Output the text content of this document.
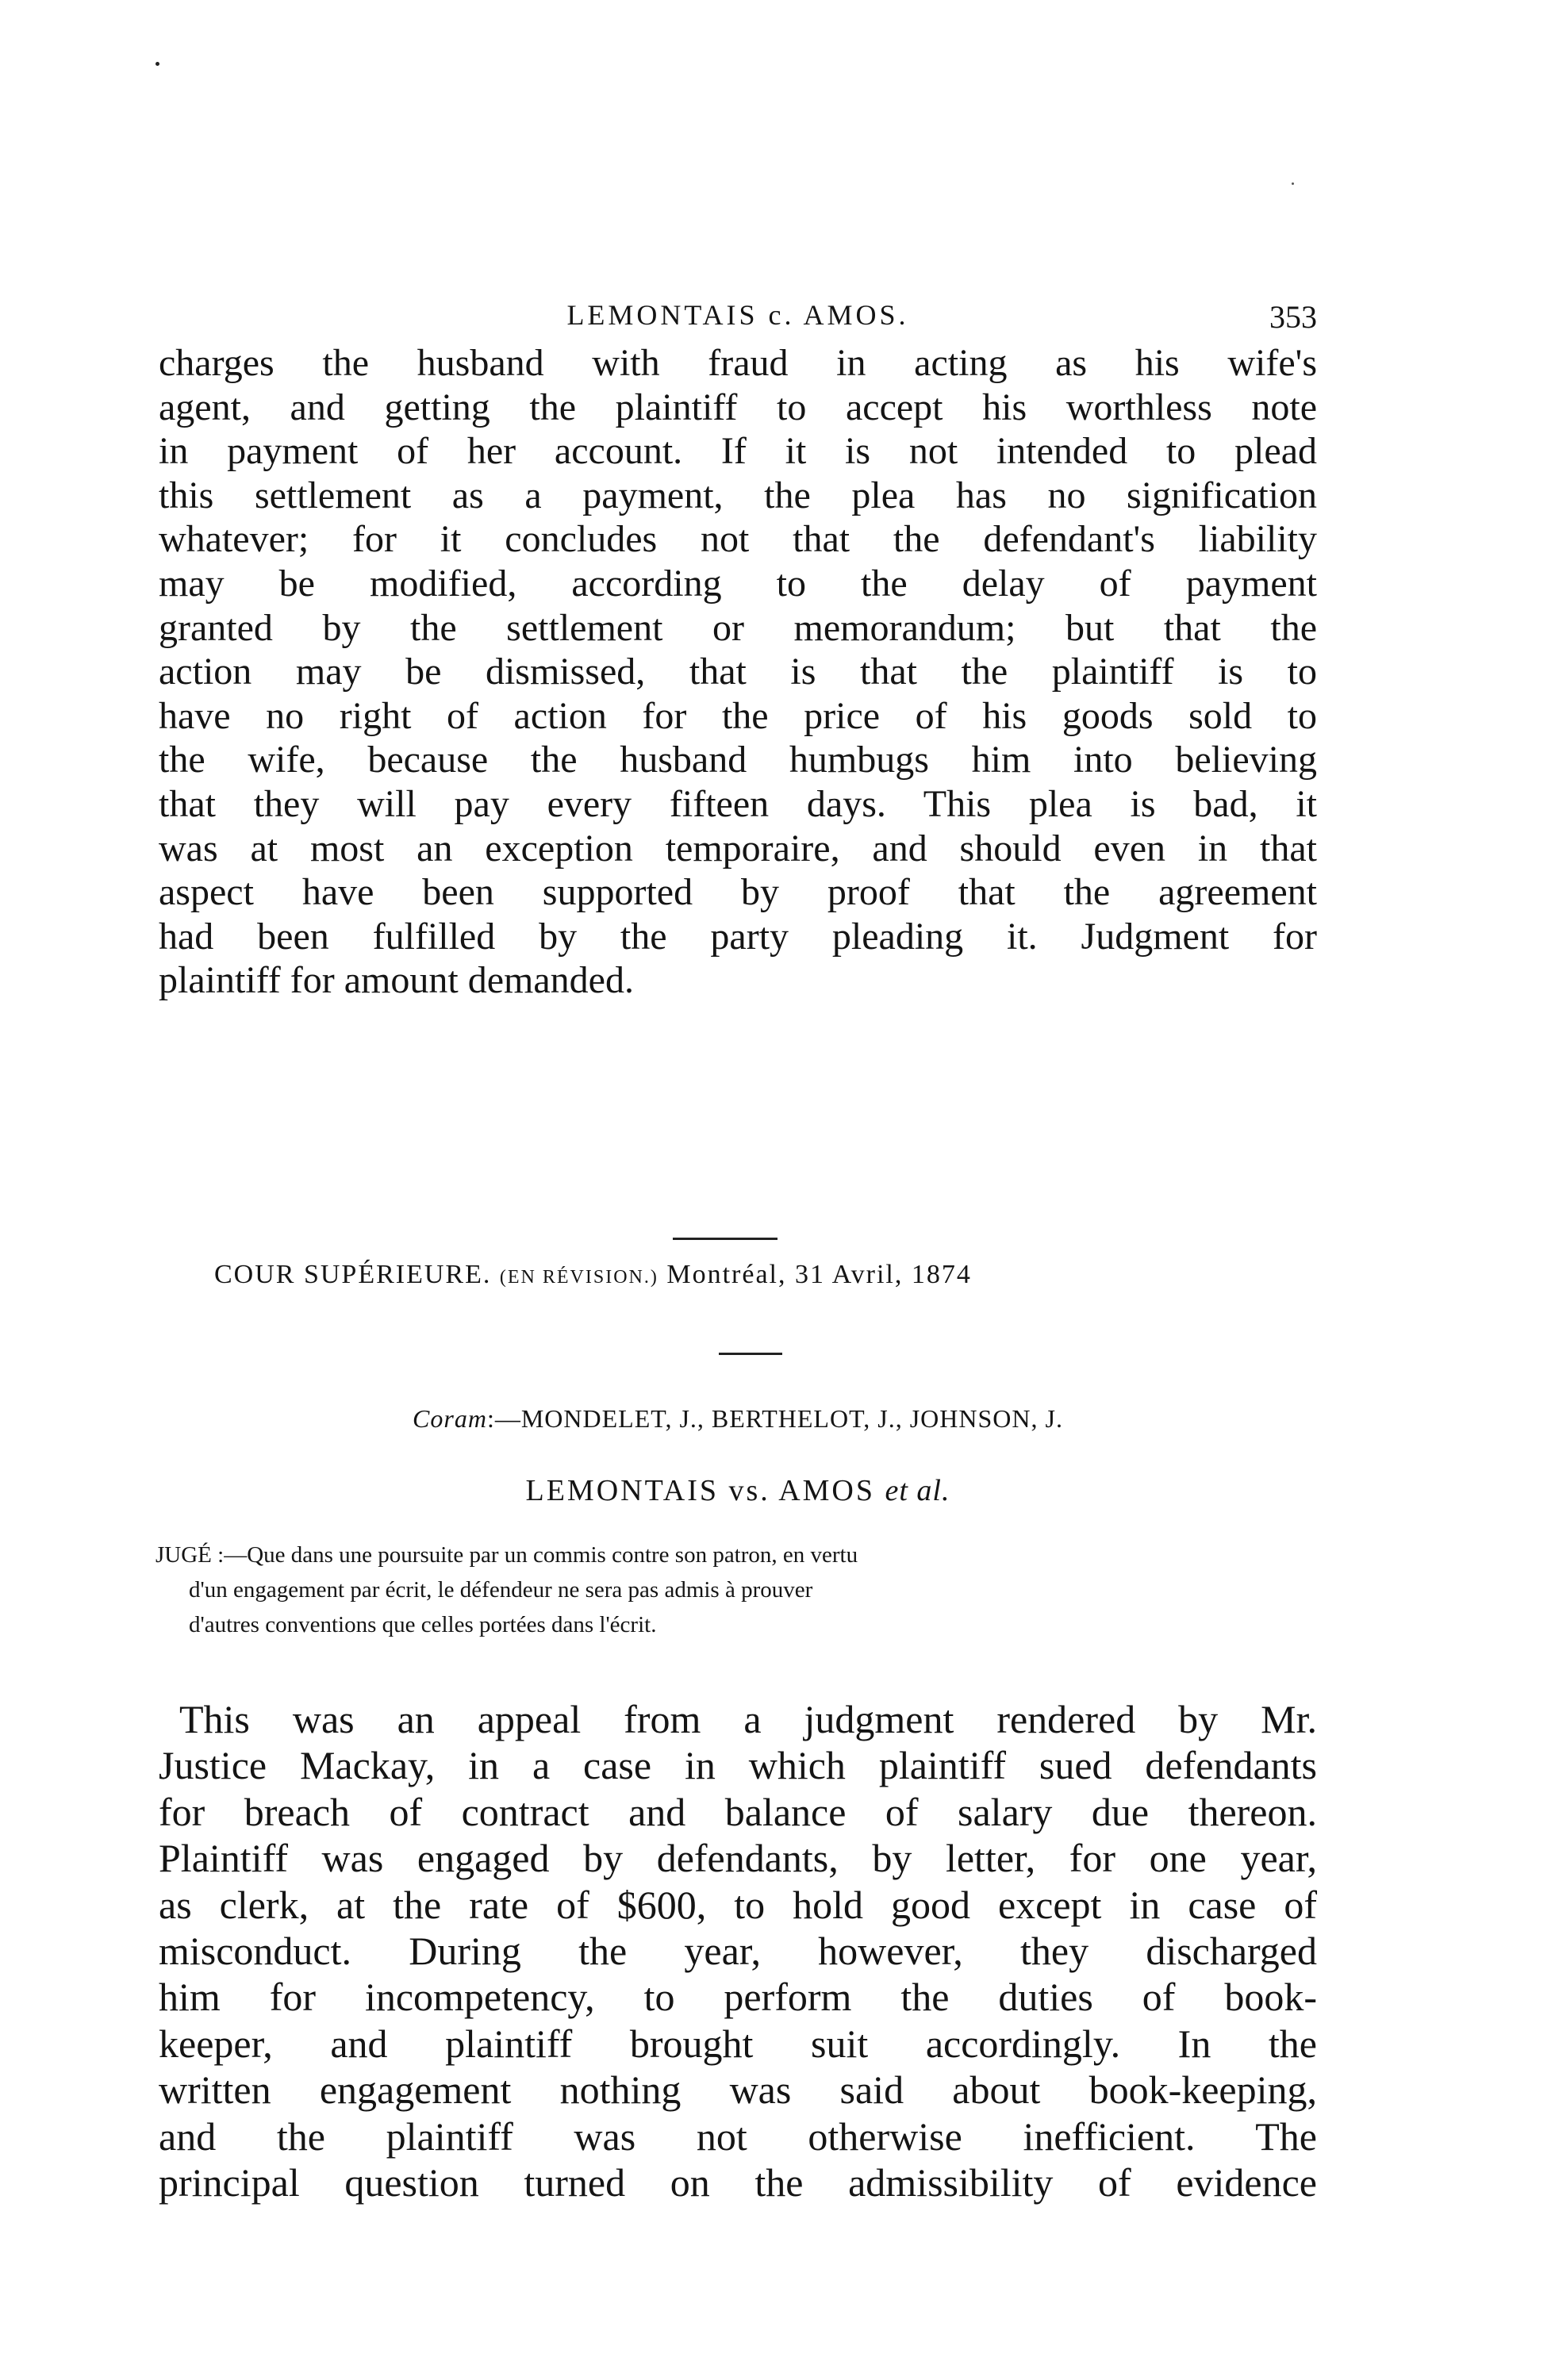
LEMONTAIS c. AMOS.	353
charges the husband with fraud in acting as his wife's
agent, and getting the plaintiff to accept his worthless note
in payment of her account. If it is not intended to plead
this settlement as a payment, the plea has no signification
whatever; for it concludes not that the defendant's liability
may be modified, according to the delay of payment
granted by the settlement or memorandum; but that the
action may be dismissed, that is that the plaintiff is to
have no right of action for the price of his goods sold to
the wife, because the husband humbugs him into believing
that they will pay every fifteen days. This plea is bad, it
was at most an exception temporaire, and should even in that
aspect have been supported by proof that the agreement
had been fulfilled by the party pleading it. Judgment for
plaintiff for amount demanded.
COUR SUPÉRIEURE. (EN RÉVISION.) Montréal, 31 Avril, 1874
Coram:—MONDELET, J., BERTHELOT, J., JOHNSON, J.
LEMONTAIS vs. AMOS et al.
JUGÉ :—Que dans une poursuite par un commis contre son patron, en vertu
d'un engagement par écrit, le défendeur ne sera pas admis à prouver
d'autres conventions que celles portées dans l'écrit.
This was an appeal from a judgment rendered by Mr.
Justice Mackay, in a case in which plaintiff sued defendants
for breach of contract and balance of salary due thereon.
Plaintiff was engaged by defendants, by letter, for one year,
as clerk, at the rate of $600, to hold good except in case of
misconduct. During the year, however, they discharged
him for incompetency, to perform the duties of book-
keeper, and plaintiff brought suit accordingly. In the
written engagement nothing was said about book-keeping,
and the plaintiff was not otherwise inefficient. The
principal question turned on the admissibility of evidence
